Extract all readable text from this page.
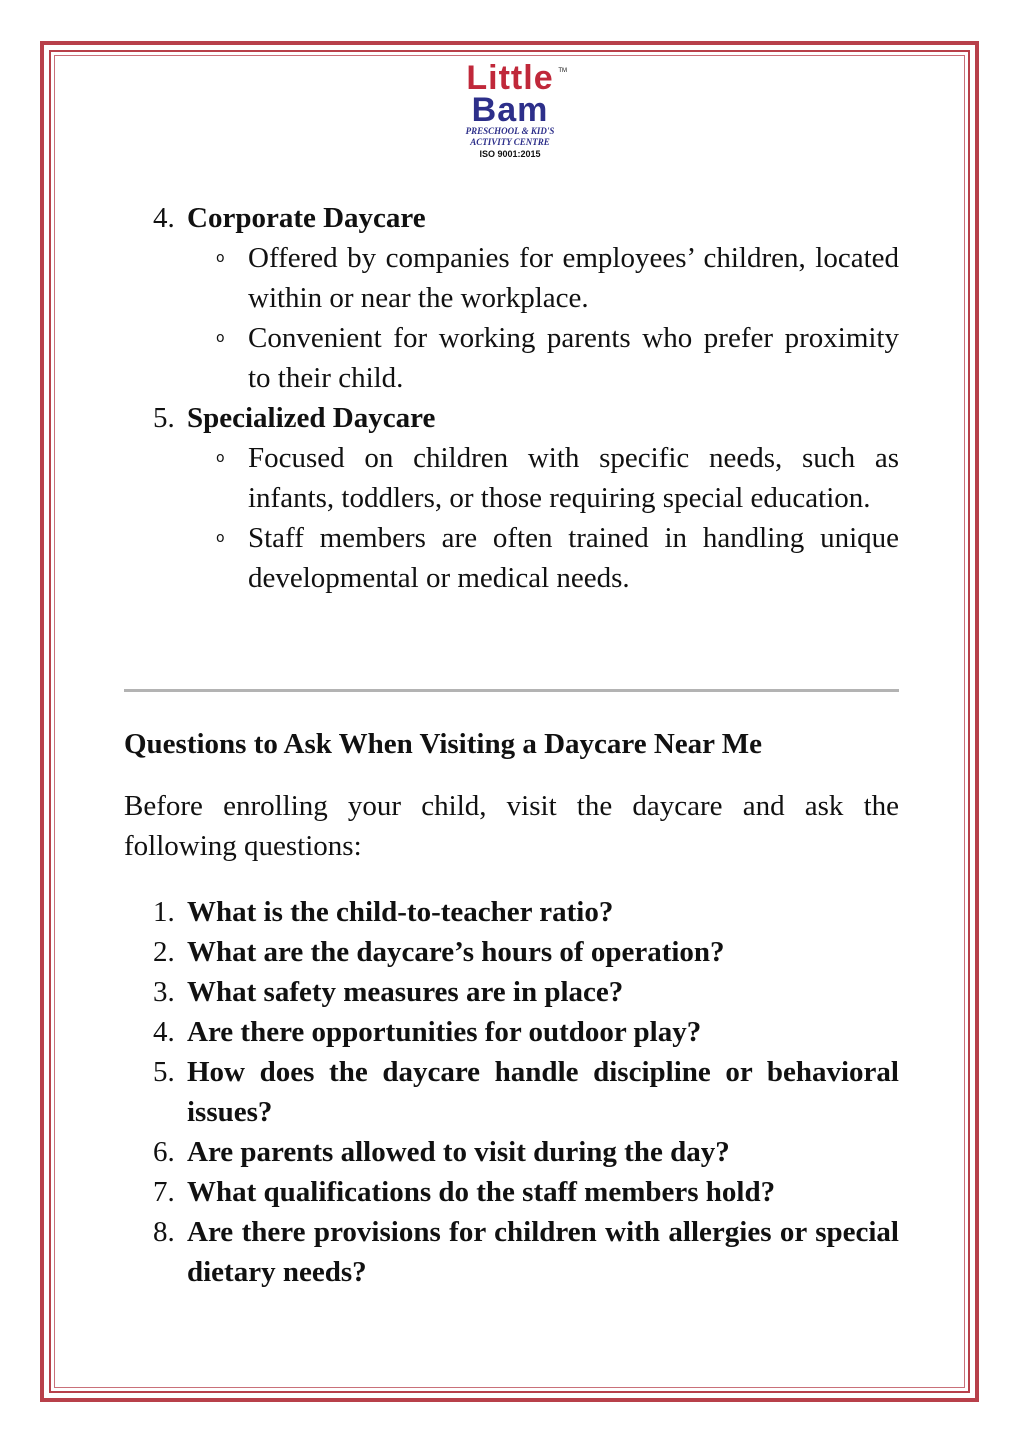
TM
Little
Bam
PRESCHOOL & KID'S
ACTIVITY CENTRE
ISO 9001:2015
4. Corporate Daycare
o Offered by companies for employees’ children, located within or near the workplace.
o Convenient for working parents who prefer proximity to their child.
5. Specialized Daycare
o Focused on children with specific needs, such as infants, toddlers, or those requiring special education.
o Staff members are often trained in handling unique developmental or medical needs.
Questions to Ask When Visiting a Daycare Near Me

Before enrolling your child, visit the daycare and ask the following questions:

1. What is the child-to-teacher ratio?
2. What are the daycare’s hours of operation?
3. What safety measures are in place?
4. Are there opportunities for outdoor play?
5. How does the daycare handle discipline or behavioral issues?
6. Are parents allowed to visit during the day?
7. What qualifications do the staff members hold?
8. Are there provisions for children with allergies or special dietary needs?
